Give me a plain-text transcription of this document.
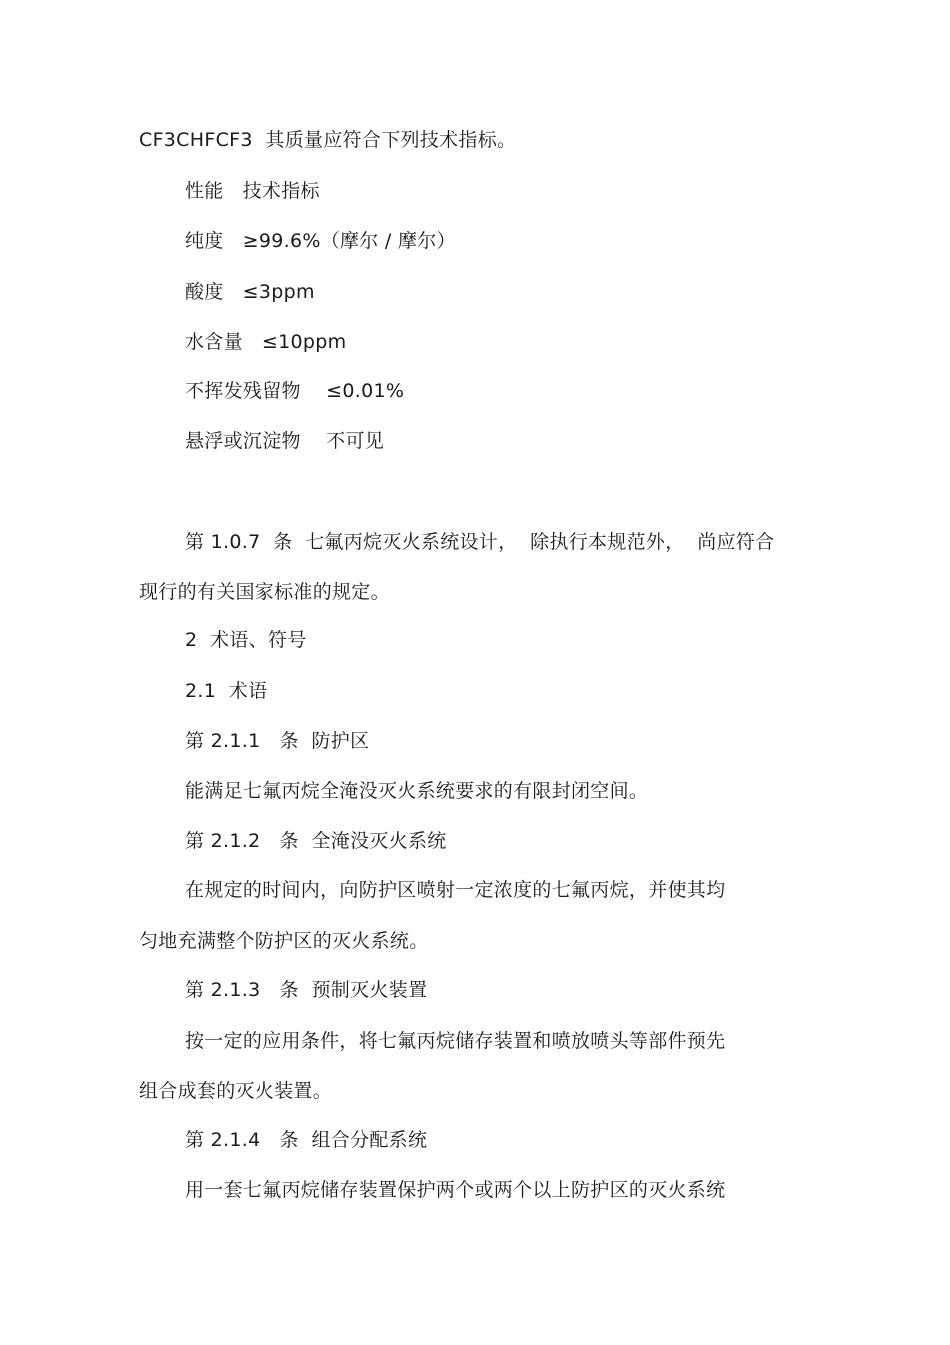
CF3CHFCF3  其质量应符合下列技术指标。
性能   技术指标
纯度   ≥99.6%（摩尔 / 摩尔）
酸度   ≤3ppm
水含量   ≤10ppm
不挥发残留物    ≤0.01%
悬浮或沉淀物    不可见
第 1.0.7  条  七氟丙烷灭火系统设计，  除执行本规范外，  尚应符合
现行的有关国家标准的规定。
2  术语、符号
2.1  术语
第 2.1.1   条  防护区
能满足七氟丙烷全淹没灭火系统要求的有限封闭空间。
第 2.1.2   条  全淹没灭火系统
在规定的时间内，向防护区喷射一定浓度的七氟丙烷，并使其均
匀地充满整个防护区的灭火系统。
第 2.1.3   条  预制灭火装置
按一定的应用条件，将七氟丙烷储存装置和喷放喷头等部件预先
组合成套的灭火装置。
第 2.1.4   条  组合分配系统
用一套七氟丙烷储存装置保护两个或两个以上防护区的灭火系统
